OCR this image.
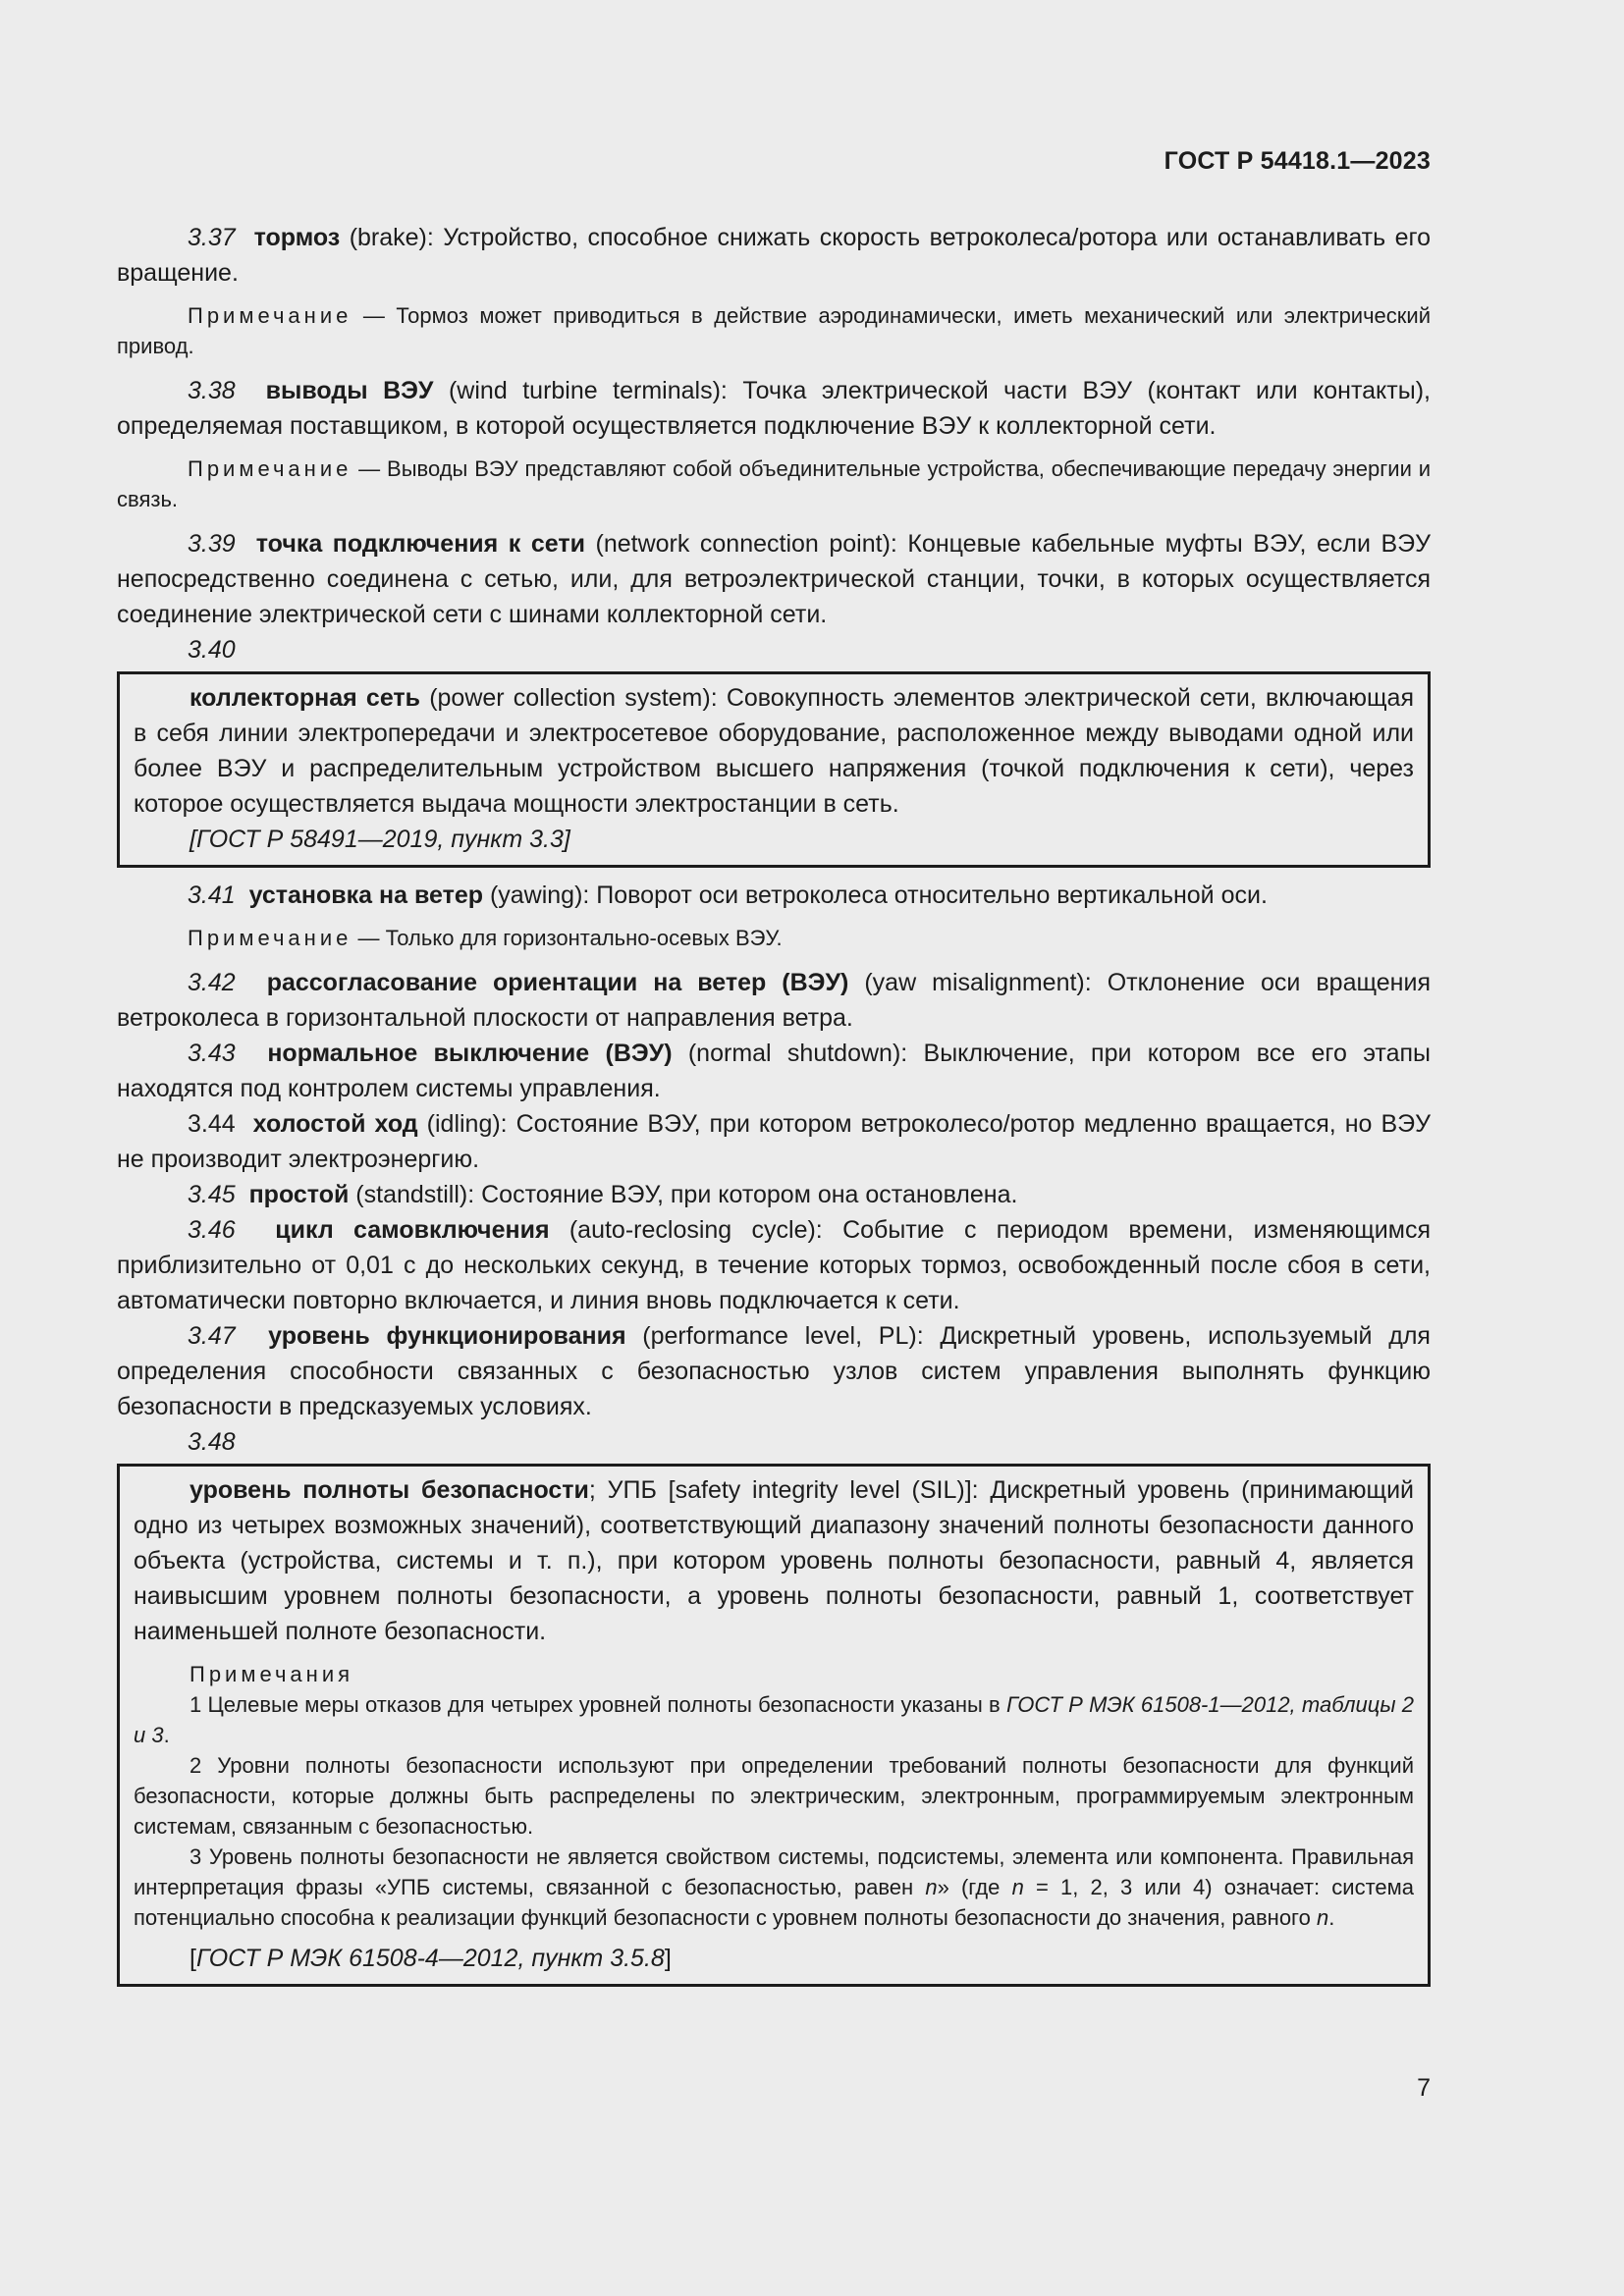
ГОСТ Р 54418.1—2023

3.37 тормоз (brake): Устройство, способное снижать скорость ветроколеса/ротора или останавливать его вращение.

Примечание — Тормоз может приводиться в действие аэродинамически, иметь механический или электрический привод.

3.38 выводы ВЭУ (wind turbine terminals): Точка электрической части ВЭУ (контакт или контакты), определяемая поставщиком, в которой осуществляется подключение ВЭУ к коллекторной сети.

Примечание — Выводы ВЭУ представляют собой объединительные устройства, обеспечивающие передачу энергии и связь.

3.39 точка подключения к сети (network connection point): Концевые кабельные муфты ВЭУ, если ВЭУ непосредственно соединена с сетью, или, для ветроэлектрической станции, точки, в которых осуществляется соединение электрической сети с шинами коллекторной сети.

3.40

коллекторная сеть (power collection system): Совокупность элементов электрической сети, включающая в себя линии электропередачи и электросетевое оборудование, расположенное между выводами одной или более ВЭУ и распределительным устройством высшего напряжения (точкой подключения к сети), через которое осуществляется выдача мощности электростанции в сеть.

[ГОСТ Р 58491—2019, пункт 3.3]

3.41 установка на ветер (yawing): Поворот оси ветроколеса относительно вертикальной оси.

Примечание — Только для горизонтально-осевых ВЭУ.

3.42 рассогласование ориентации на ветер (ВЭУ) (yaw misalignment): Отклонение оси вращения ветроколеса в горизонтальной плоскости от направления ветра.

3.43 нормальное выключение (ВЭУ) (normal shutdown): Выключение, при котором все его этапы находятся под контролем системы управления.

3.44 холостой ход (idling): Состояние ВЭУ, при котором ветроколесо/ротор медленно вращается, но ВЭУ не производит электроэнергию.

3.45 простой (standstill): Состояние ВЭУ, при котором она остановлена.

3.46 цикл самовключения (auto-reclosing cycle): Событие с периодом времени, изменяющимся приблизительно от 0,01 с до нескольких секунд, в течение которых тормоз, освобожденный после сбоя в сети, автоматически повторно включается, и линия вновь подключается к сети.

3.47 уровень функционирования (performance level, PL): Дискретный уровень, используемый для определения способности связанных с безопасностью узлов систем управления выполнять функцию безопасности в предсказуемых условиях.

3.48

уровень полноты безопасности; УПБ [safety integrity level (SIL)]: Дискретный уровень (принимающий одно из четырех возможных значений), соответствующий диапазону значений полноты безопасности данного объекта (устройства, системы и т. п.), при котором уровень полноты безопасности, равный 4, является наивысшим уровнем полноты безопасности, а уровень полноты безопасности, равный 1, соответствует наименьшей полноте безопасности.

Примечания

1 Целевые меры отказов для четырех уровней полноты безопасности указаны в ГОСТ Р МЭК 61508-1—2012, таблицы 2 и 3.

2 Уровни полноты безопасности используют при определении требований полноты безопасности для функций безопасности, которые должны быть распределены по электрическим, электронным, программируемым электронным системам, связанным с безопасностью.

3 Уровень полноты безопасности не является свойством системы, подсистемы, элемента или компонента. Правильная интерпретация фразы «УПБ системы, связанной с безопасностью, равен n» (где n = 1, 2, 3 или 4) означает: система потенциально способна к реализации функций безопасности с уровнем полноты безопасности до значения, равного n.

[ГОСТ Р МЭК 61508-4—2012, пункт 3.5.8]

7
